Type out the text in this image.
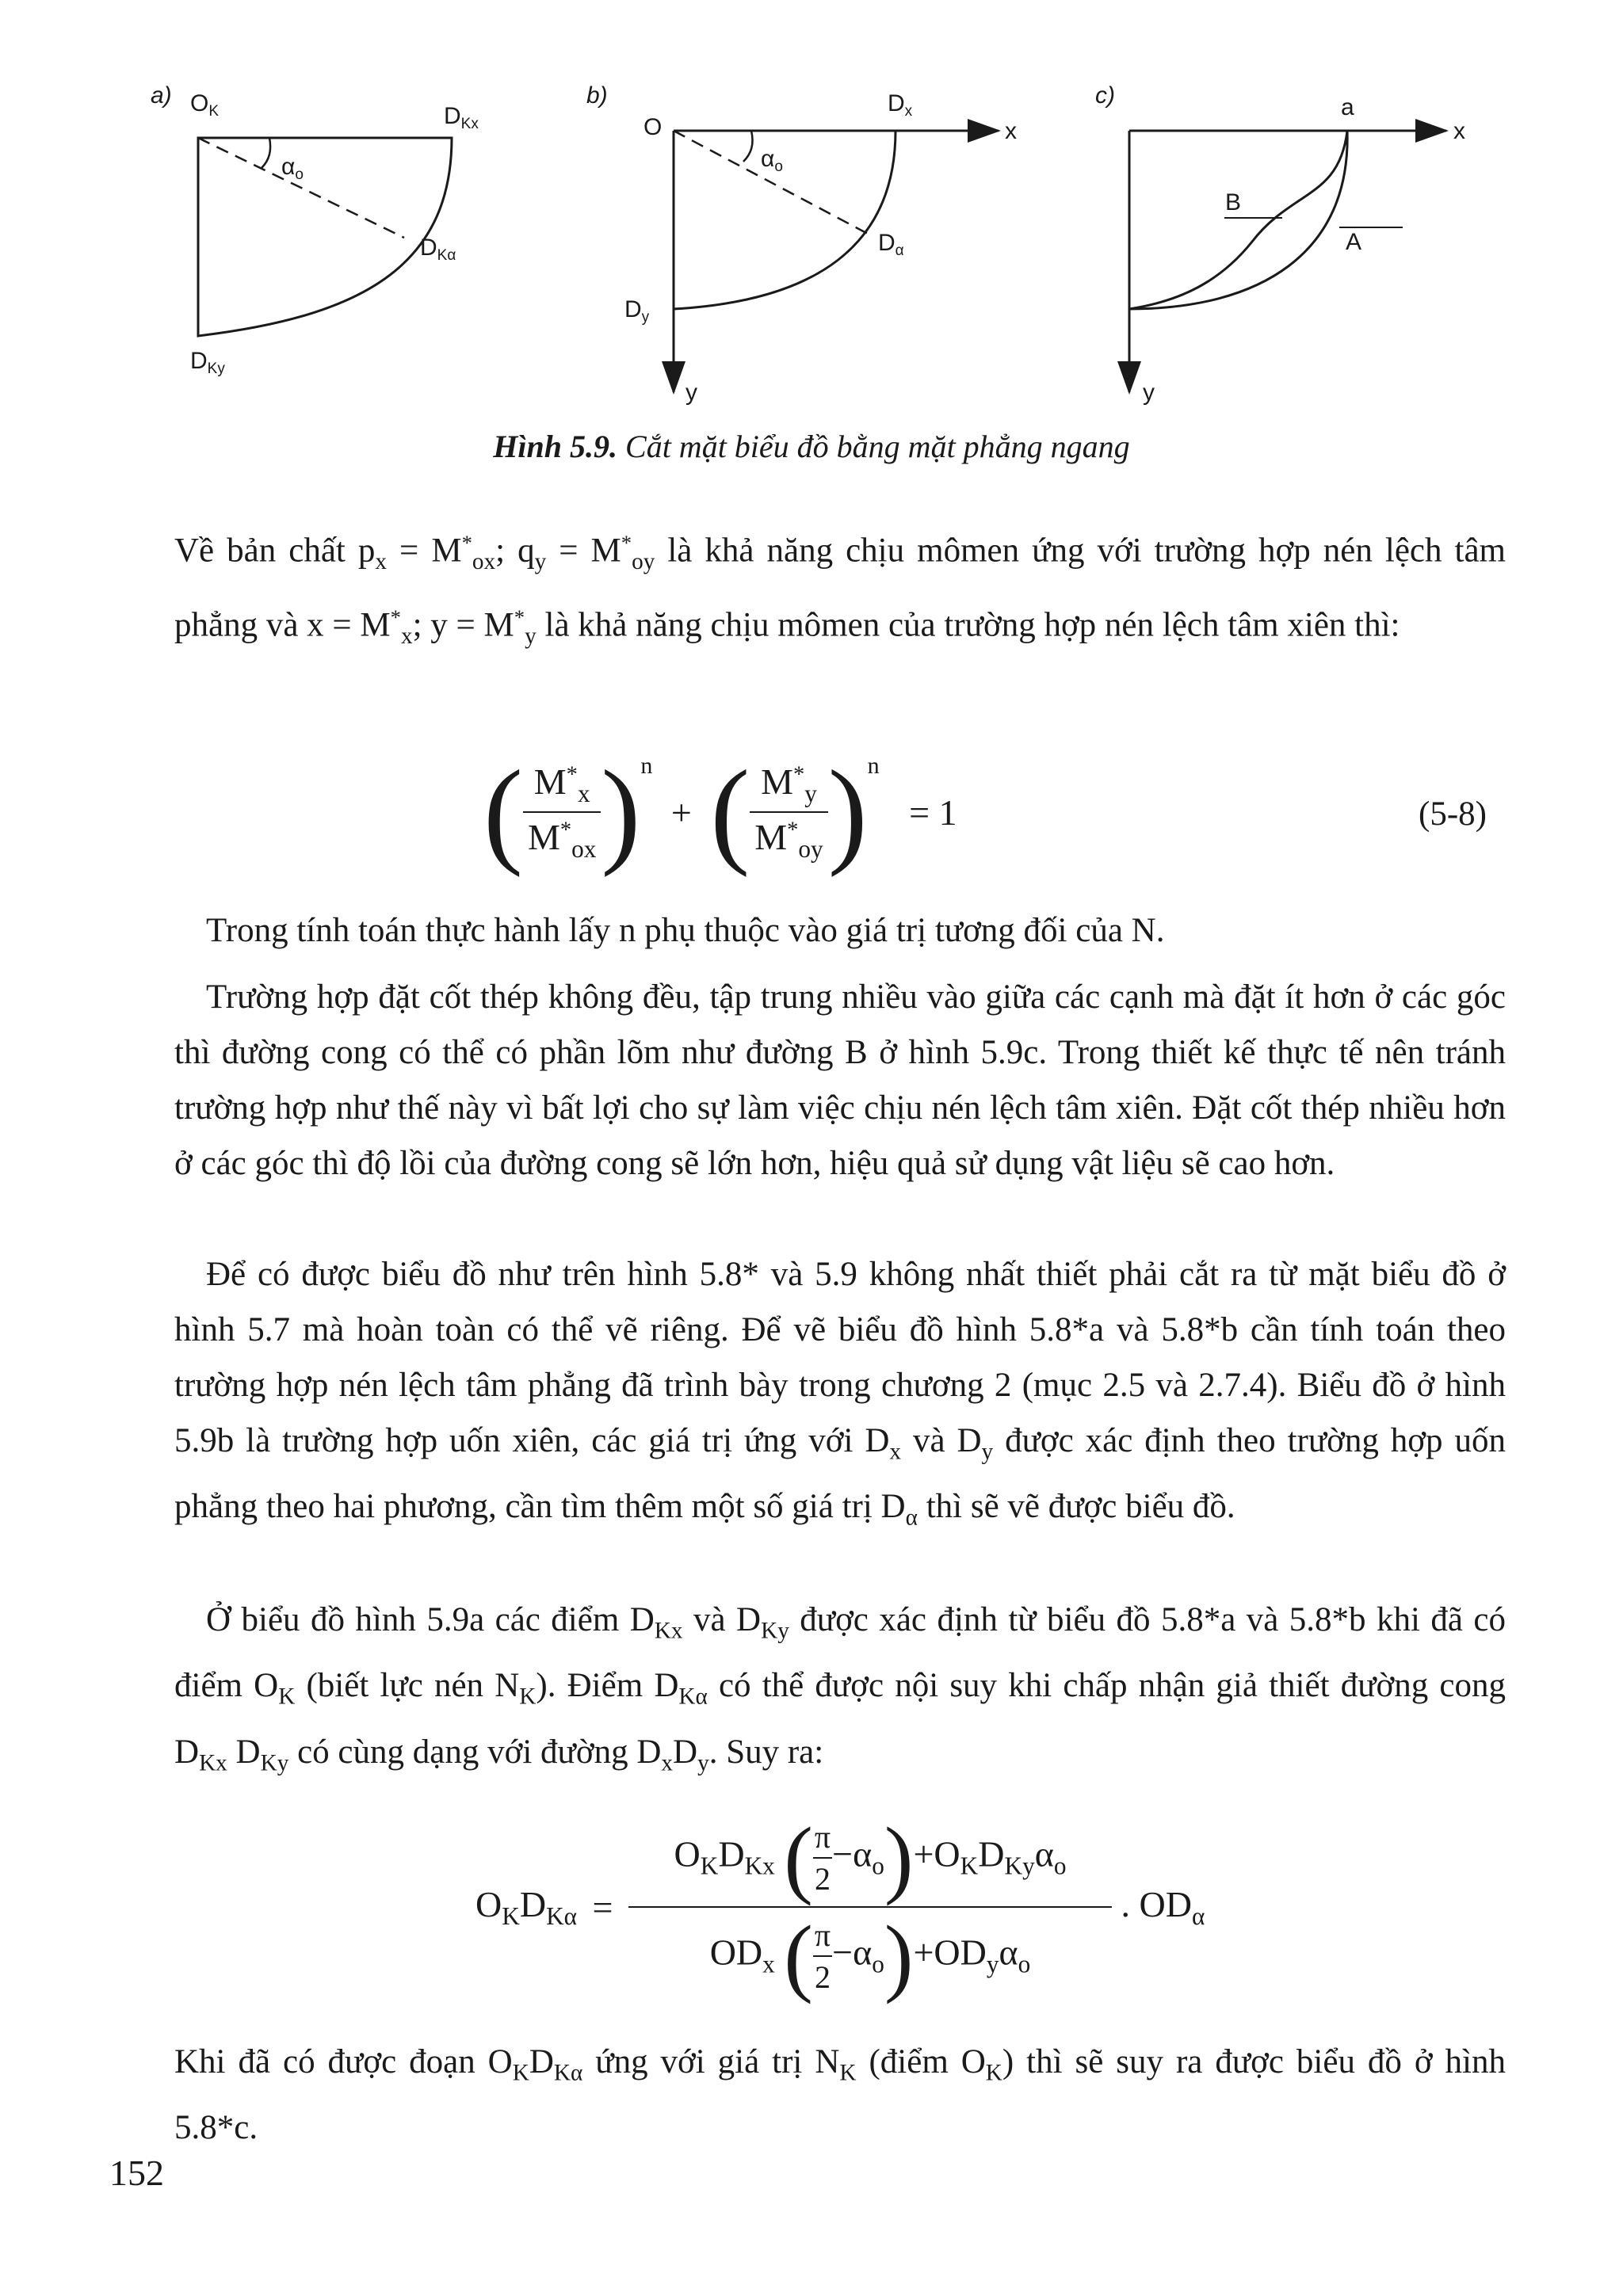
a) OK	DKx
αo
DKα
DKy
b)
O
Dx
x
αo
Dα
Dy
y
c)	a
x
B
A
y
Hình 5.9. Cắt mặt biểu đồ bằng mặt phẳng ngang
Về bản chất $p_x = M^*_{ox}$; $q_y = M^*_{oy}$ là khả năng chịu mômen ứng với trường hợp nén lệch tâm phẳng và $x = M^*_x$; $y = M^*_y$ là khả năng chịu mômen của trường hợp nén lệch tâm xiên thì:
( $\frac{M^*_x}{M^*_{ox}} )^n$ + ( $\frac{M^*_y}{M^*_{oy}} )^n = 1$	(5-8)
Trong tính toán thực hành lấy n phụ thuộc vào giá trị tương đối của N.
Trường hợp đặt cốt thép không đều, tập trung nhiều vào giữa các cạnh mà đặt ít hơn ở các góc thì đường cong có thể có phần lõm như đường B ở hình 5.9c. Trong thiết kế thực tế nên tránh trường hợp như thế này vì bất lợi cho sự làm việc chịu nén lệch tâm xiên. Đặt cốt thép nhiều hơn ở các góc thì độ lồi của đường cong sẽ lớn hơn, hiệu quả sử dụng vật liệu sẽ cao hơn.
Để có được biểu đồ như trên hình 5.8* và 5.9 không nhất thiết phải cắt ra từ mặt biểu đồ ở hình 5.7 mà hoàn toàn có thể vẽ riêng. Để vẽ biểu đồ hình 5.8*a và 5.8*b cần tính toán theo trường hợp nén lệch tâm phẳng đã trình bày trong chương 2 (mục 2.5 và 2.7.4). Biểu đồ ở hình 5.9b là trường hợp uốn xiên, các giá trị ứng với $D_x$ và $D_y$ được xác định theo trường hợp uốn phẳng theo hai phương, cần tìm thêm một số giá trị $D_\alpha$ thì sẽ vẽ được biểu đồ.
Ở biểu đồ hình 5.9a các điểm $D_{Kx}$ và $D_{Ky}$ được xác định từ biểu đồ 5.8*a và 5.8*b khi đã có điểm $O_K$ (biết lực nén $N_K$). Điểm $D_{K\alpha}$ có thể được nội suy khi chấp nhận giả thiết đường cong $D_{Kx}$ $D_{Ky}$ có cùng dạng với đường $D_xD_y$. Suy ra:
$O_KD_{K\alpha} = \frac{O_KD_{Kx} ( \frac{\pi}{2} -\alpha_o)+O_KD_{Ky}\alpha_o}{OD_x ( \frac{\pi}{2} -\alpha_o)+OD_y\alpha_o}$ . $OD_\alpha$
Khi đã có được đoạn $O_KD_{K\alpha}$ ứng với giá trị $N_K$ (điểm $O_K$) thì sẽ suy ra được biểu đồ ở hình 5.8*c.
152
